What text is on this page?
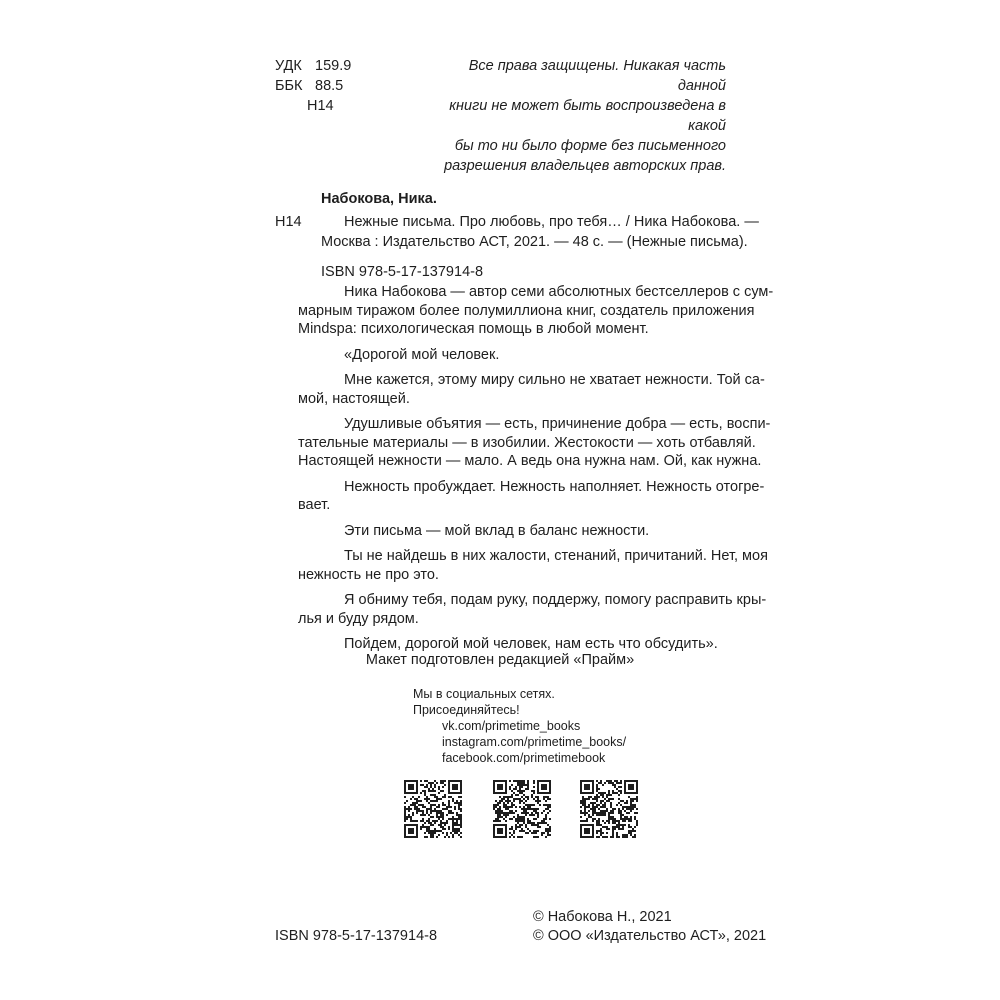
УДК 159.9
ББК 88.5
Н14
Все права защищены. Никакая часть данной
книги не может быть воспроизведена в какой
бы то ни было форме без письменного
разрешения владельцев авторских прав.
Набокова, Ника.
Н14	Нежные письма. Про любовь, про тебя… / Ника Набокова. —
Москва : Издательство АСТ, 2021. — 48 с. — (Нежные письма).
ISBN 978-5-17-137914-8
Ника Набокова — автор семи абсолютных бестселлеров с сум-
марным тиражом более полумиллиона книг, создатель приложения
Mindspa: психологическая помощь в любой момент.
«Дорогой мой человек.
Мне кажется, этому миру сильно не хватает нежности. Той са-
мой, настоящей.
Удушливые объятия — есть, причинение добра — есть, воспи-
тательные материалы — в изобилии. Жестокости — хоть отбавляй.
Настоящей нежности — мало. А ведь она нужна нам. Ой, как нужна.
Нежность пробуждает. Нежность наполняет. Нежность отогре-
вает.
Эти письма — мой вклад в баланс нежности.
Ты не найдешь в них жалости, стенаний, причитаний. Нет, моя
нежность не про это.
Я обниму тебя, подам руку, поддержу, помогу расправить кры-
лья и буду рядом.
Пойдем, дорогой мой человек, нам есть что обсудить».
Макет подготовлен редакцией «Прайм»
Мы в социальных сетях.
Присоединяйтесь!
vk.com/primetime_books
instagram.com/primetime_books/
facebook.com/primetimebook
ISBN 978-5-17-137914-8
© Набокова Н., 2021
© ООО «Издательство АСТ», 2021
